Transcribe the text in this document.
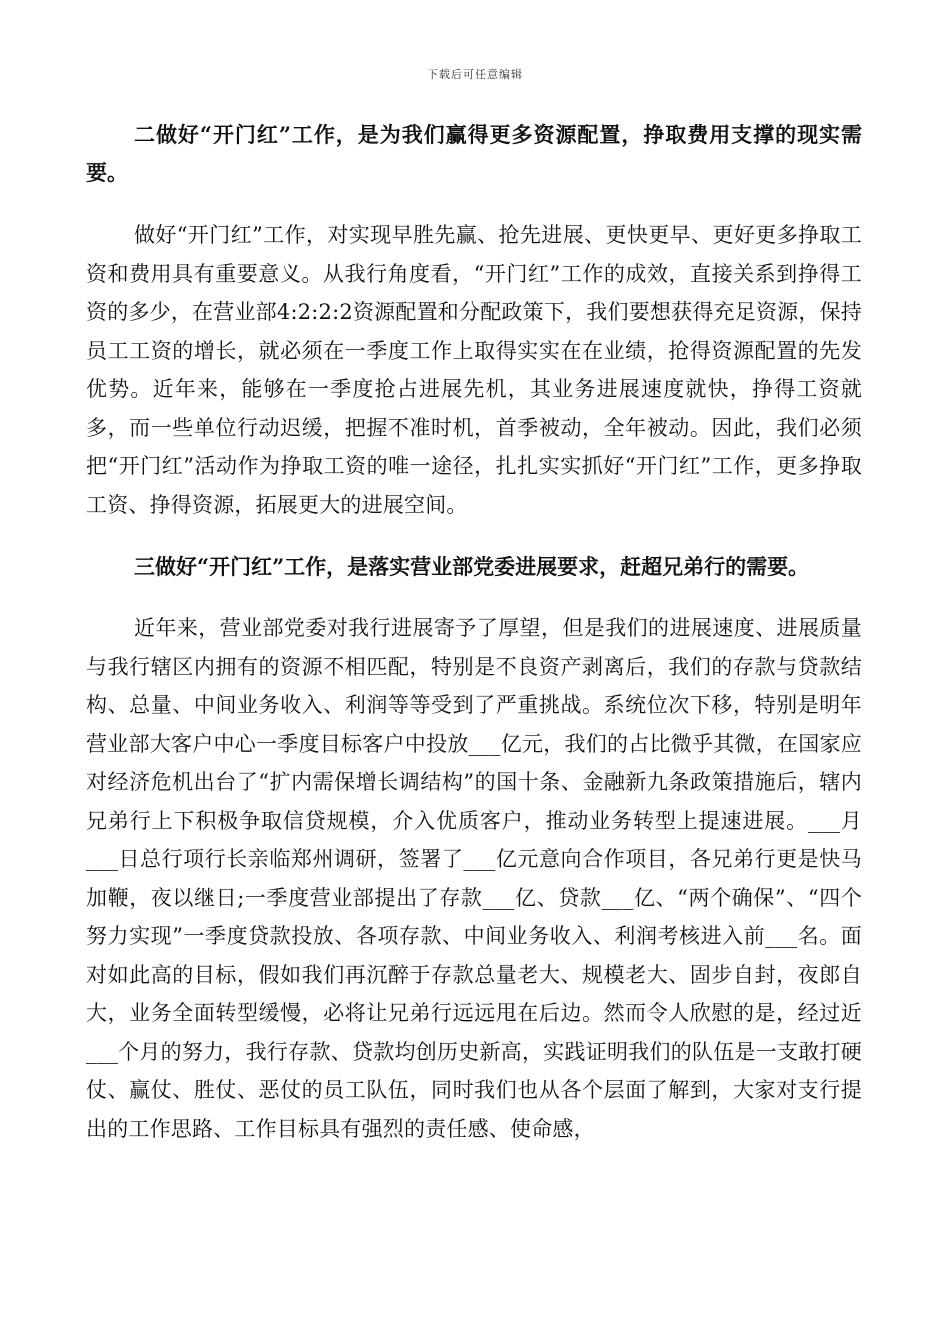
下载后可任意编辑

二做好“开门红”工作，是为我们赢得更多资源配置，挣取费用支撑的现实需要。

做好“开门红”工作，对实现早胜先赢、抢先进展、更快更早、更好更多挣取工资和费用具有重要意义。从我行角度看，“开门红”工作的成效，直接关系到挣得工资的多少，在营业部4:2:2:2资源配置和分配政策下，我们要想获得充足资源，保持员工工资的增长，就必须在一季度工作上取得实实在在业绩，抢得资源配置的先发优势。近年来，能够在一季度抢占进展先机，其业务进展速度就快，挣得工资就多，而一些单位行动迟缓，把握不准时机，首季被动，全年被动。因此，我们必须把“开门红”活动作为挣取工资的唯一途径，扎扎实实抓好“开门红”工作，更多挣取工资、挣得资源，拓展更大的进展空间。

三做好“开门红”工作，是落实营业部党委进展要求，赶超兄弟行的需要。

近年来，营业部党委对我行进展寄予了厚望，但是我们的进展速度、进展质量与我行辖区内拥有的资源不相匹配，特别是不良资产剥离后，我们的存款与贷款结构、总量、中间业务收入、利润等等受到了严重挑战。系统位次下移，特别是明年营业部大客户中心一季度目标客户中投放___亿元，我们的占比微乎其微，在国家应对经济危机出台了“扩内需保增长调结构”的国十条、金融新九条政策措施后，辖内兄弟行上下积极争取信贷规模，介入优质客户，推动业务转型上提速进展。___月___日总行项行长亲临郑州调研，签署了___亿元意向合作项目，各兄弟行更是快马加鞭，夜以继日;一季度营业部提出了存款___亿、贷款___亿、“两个确保”、“四个努力实现”一季度贷款投放、各项存款、中间业务收入、利润考核进入前___名。面对如此高的目标，假如我们再沉醉于存款总量老大、规模老大、固步自封，夜郎自大，业务全面转型缓慢，必将让兄弟行远远甩在后边。然而令人欣慰的是，经过近___个月的努力，我行存款、贷款均创历史新高，实践证明我们的队伍是一支敢打硬仗、赢仗、胜仗、恶仗的员工队伍，同时我们也从各个层面了解到，大家对支行提出的工作思路、工作目标具有强烈的责任感、使命感，
